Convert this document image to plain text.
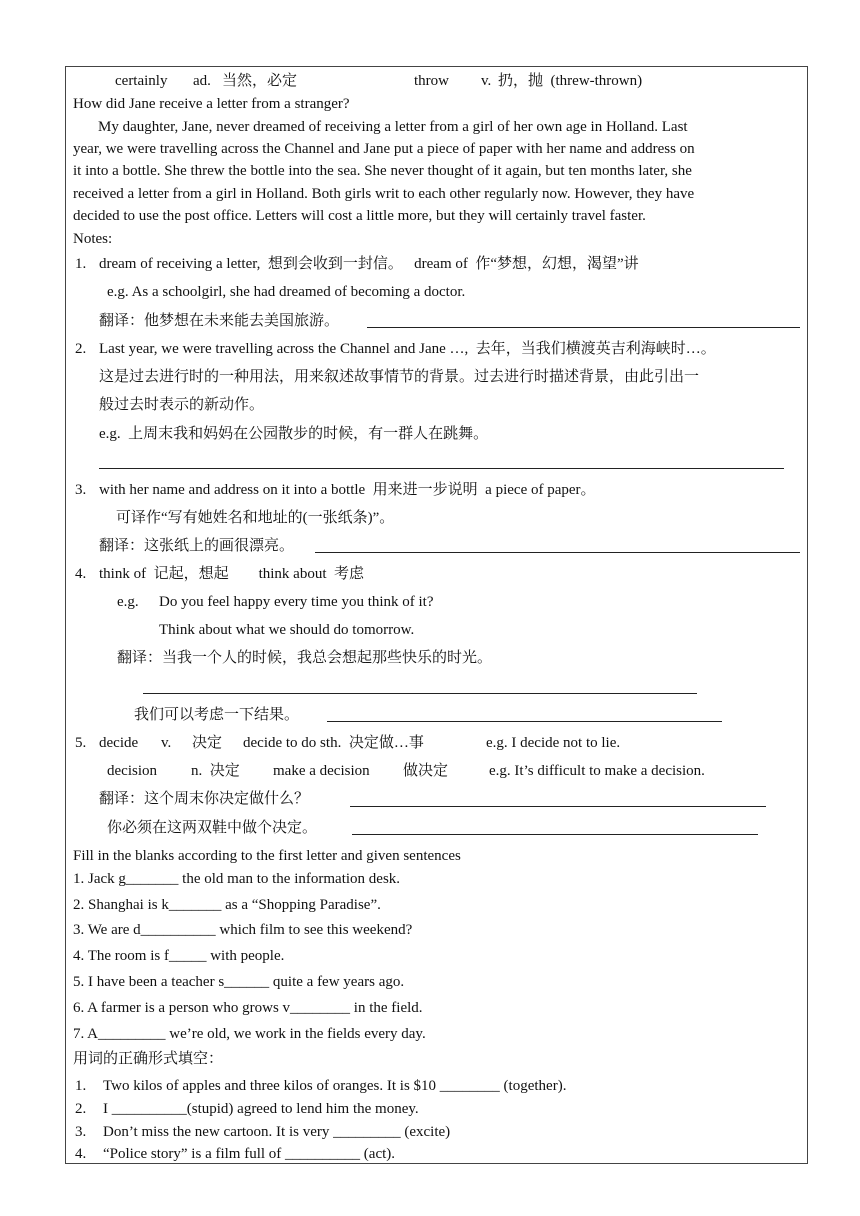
certainly ad. 当然，必定	throw v. 扔，抛  (threw-thrown)
How did Jane receive a letter from a stranger?
My daughter, Jane, never dreamed of receiving a letter from a girl of her own age in Holland. Last
year, we were travelling across the Channel and Jane put a piece of paper with her name and address on
it into a bottle. She threw the bottle into the sea. She never thought of it again, but ten months later, she
received a letter from a girl in Holland. Both girls writ to each other regularly now. However, they have
decided to use the post office. Letters will cost a little more, but they will certainly travel faster.
Notes:
1. dream of receiving a letter,  想到会收到一封信。   dream of  作“梦想，幻想，渴望”讲
e.g. As a schoolgirl, she had dreamed of becoming a doctor.
翻译：他梦想在未来能去美国旅游。
2. Last year, we were travelling across the Channel and Jane …,  去年，当我们横渡英吉利海峡时…。
这是过去进行时的一种用法，用来叙述故事情节的背景。过去进行时描述背景，由此引出一
般过去时表示的新动作。
e.g.  上周末我和妈妈在公园散步的时候，有一群人在跳舞。
3. with her name and address on it into a bottle  用来进一步说明  a piece of paper。
可译作“写有她姓名和地址的(一张纸条)”。
翻译：这张纸上的画很漂亮。
4. think of  记起，想起        think about  考虑
e.g. Do you feel happy every time you think of it?
Think about what we should do tomorrow.
翻译：当我一个人的时候，我总会想起那些快乐的时光。
我们可以考虑一下结果。
5. decide v. 决定 decide to do sth.  决定做…事	e.g. I decide not to lie.
decision n.  决定 make a decision 做决定	e.g. It’s difficult to make a decision.
翻译：这个周末你决定做什么？
你必须在这两双鞋中做个决定。
Fill in the blanks according to the first letter and given sentences
1. Jack g_______ the old man to the information desk.
2. Shanghai is k_______ as a “Shopping Paradise”.
3. We are d__________ which film to see this weekend?
4. The room is f_____ with people.
5. I have been a teacher s______ quite a few years ago.
6. A farmer is a person who grows v________ in the field.
7. A_________ we’re old, we work in the fields every day.
用词的正确形式填空：
1. Two kilos of apples and three kilos of oranges. It is $10 ________ (together).
2. I __________(stupid) agreed to lend him the money.
3. Don’t miss the new cartoon. It is very _________ (excite)
4. “Police story” is a film full of __________ (act).
